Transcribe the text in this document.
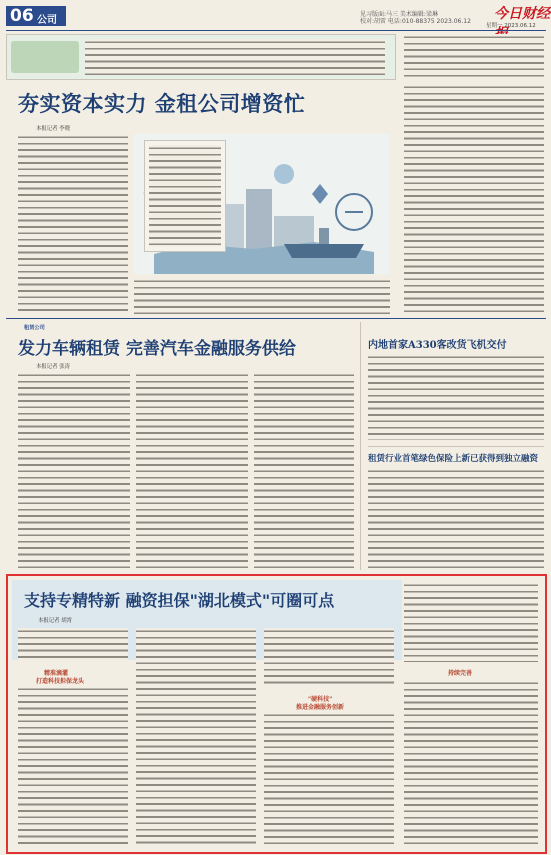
06 公司
见习版面:马三 美术编辑:梁琳
校对:胡雷 电话:010-88375 2023.06.12 今日财经
星期一 2023.06.12
夯实资本实力 金租公司增资忙
本报记者 李晓
租赁公司
发力车辆租赁 完善汽车金融服务供给
本报记者 张涛
内地首家A330客改货飞机交付
租赁行业首笔绿色保险上新已获得到独立融资
支持专精特新 融资担保"湖北模式"可圈可点
本报记者 胡霄
精准滴灌
打造科技担保龙头
"硬科技"
推进金融服务创新
持续完善
